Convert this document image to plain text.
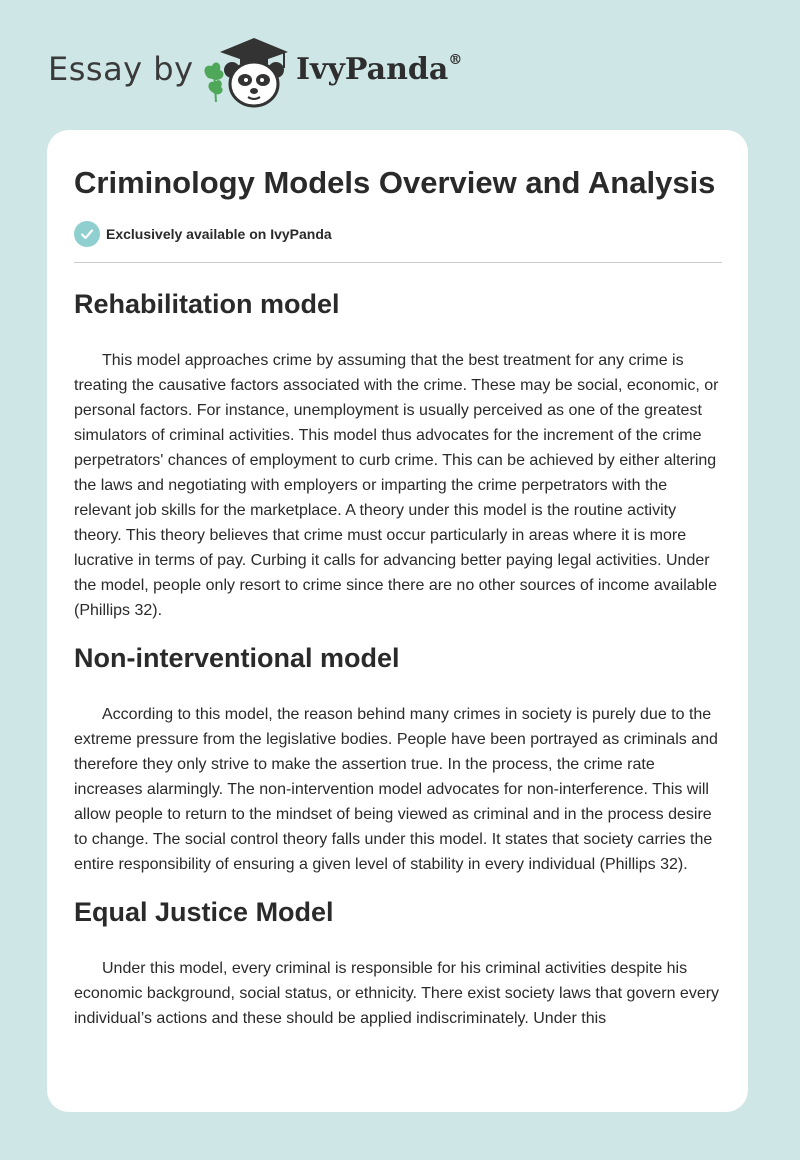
Essay by	IvyPanda®
Criminology Models Overview and Analysis
Exclusively available on IvyPanda
Rehabilitation model

This model approaches crime by assuming that the best treatment for any crime is treating the causative factors associated with the crime. These may be social, economic, or personal factors. For instance, unemployment is usually perceived as one of the greatest simulators of criminal activities. This model thus advocates for the increment of the crime perpetrators' chances of employment to curb crime. This can be achieved by either altering the laws and negotiating with employers or imparting the crime perpetrators with the relevant job skills for the marketplace. A theory under this model is the routine activity theory. This theory believes that crime must occur particularly in areas where it is more lucrative in terms of pay. Curbing it calls for advancing better paying legal activities. Under the model, people only resort to crime since there are no other sources of income available (Phillips 32).

Non-interventional model

According to this model, the reason behind many crimes in society is purely due to the extreme pressure from the legislative bodies. People have been portrayed as criminals and therefore they only strive to make the assertion true. In the process, the crime rate increases alarmingly. The non-intervention model advocates for non-interference. This will allow people to return to the mindset of being viewed as criminal and in the process desire to change. The social control theory falls under this model. It states that society carries the entire responsibility of ensuring a given level of stability in every individual (Phillips 32).

Equal Justice Model

Under this model, every criminal is responsible for his criminal activities despite his economic background, social status, or ethnicity. There exist society laws that govern every individual’s actions and these should be applied indiscriminately. Under this
